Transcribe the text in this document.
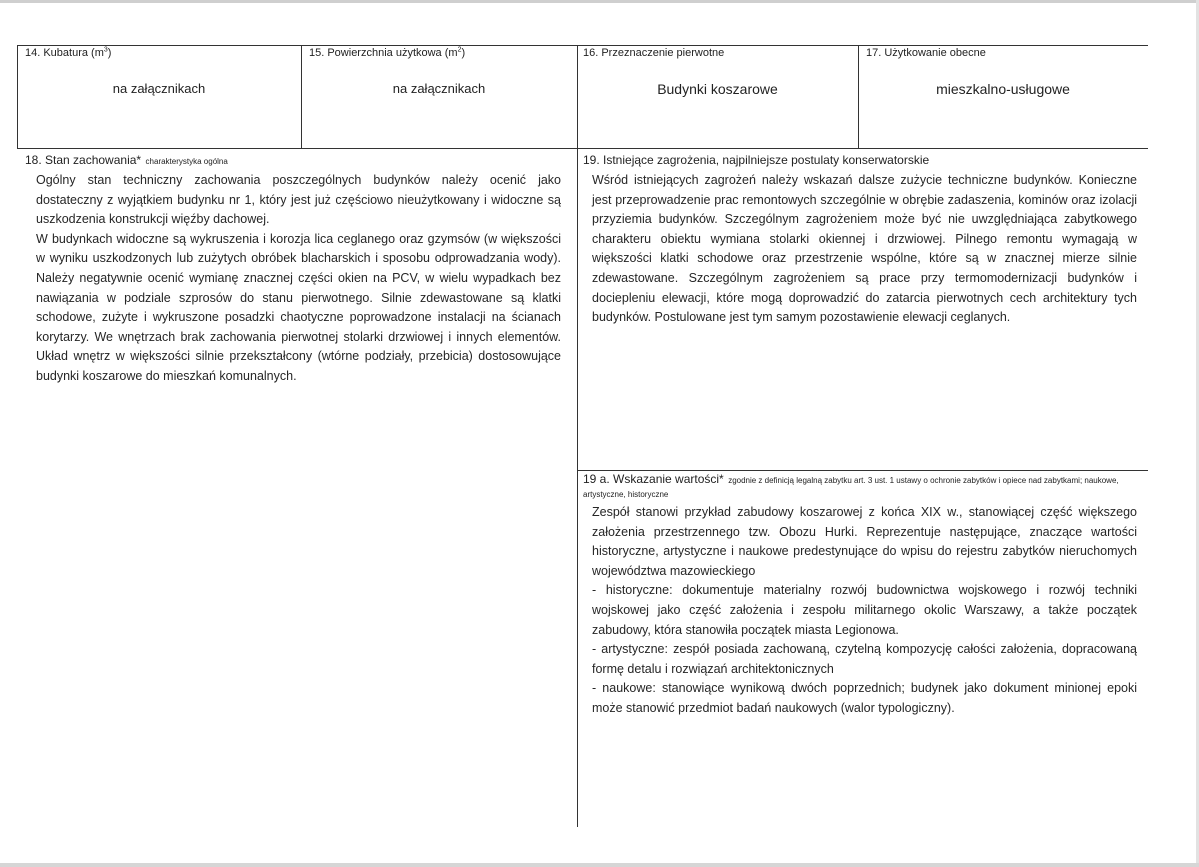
14. Kubatura $(m^3)$
na załącznikach
15. Powierzchnia użytkowa $(m^2)$
na załącznikach
16. Przeznaczenie pierwotne
Budynki koszarowe
17. Użytkowanie obecne
mieszkalno-usługowe
18. Stan zachowania* charakterystyka ogólna

Ogólny stan techniczny zachowania poszczególnych budynków należy ocenić jako dostateczny z wyjątkiem budynku nr 1, który jest już częściowo nieużytkowany i widoczne są uszkodzenia konstrukcji więźby dachowej.

W budynkach widoczne są wykruszenia i korozja lica ceglanego oraz gzymsów (w większości w wyniku uszkodzonych lub zużytych obróbek blacharskich i sposobu odprowadzania wody). Należy negatywnie ocenić wymianę znacznej części okien na PCV, w wielu wypadkach bez nawiązania w podziale szprosów do stanu pierwotnego. Silnie zdewastowane są klatki schodowe, zużyte i wykruszone posadzki chaotyczne poprowadzone instalacji na ścianach korytarzy. We wnętrzach brak zachowania pierwotnej stolarki drzwiowej i innych elementów. Układ wnętrz w większości silnie przekształcony (wtórne podziały, przebicia) dostosowujące budynki koszarowe do mieszkań komunalnych.

19. Istniejące zagrożenia, najpilniejsze postulaty konserwatorskie

Wśród istniejących zagrożeń należy wskazań dalsze zużycie techniczne budynków. Konieczne jest przeprowadzenie prac remontowych szczególnie w obrębie zadaszenia, kominów oraz izolacji przyziemia budynków. Szczególnym zagrożeniem może być nie uwzględniająca zabytkowego charakteru obiektu wymiana stolarki okiennej i drzwiowej. Pilnego remontu wymagają w większości klatki schodowe oraz przestrzenie wspólne, które są w znacznej mierze silnie zdewastowane. Szczególnym zagrożeniem są prace przy termomodernizacji budynków i dociepleniu elewacji, które mogą doprowadzić do zatarcia pierwotnych cech architektury tych budynków. Postulowane jest tym samym pozostawienie elewacji ceglanych.

19 a. Wskazanie wartości* zgodnie z definicją legalną zabytku art. 3 ust. 1 ustawy o ochronie zabytków i opiece nad zabytkami; naukowe, artystyczne, historyczne

Zespół stanowi przykład zabudowy koszarowej z końca XIX w., stanowiącej część większego założenia przestrzennego tzw. Obozu Hurki. Reprezentuje następujące, znaczące wartości historyczne, artystyczne i naukowe predestynujące do wpisu do rejestru zabytków nieruchomych województwa mazowieckiego

- historyczne: dokumentuje materialny rozwój budownictwa wojskowego i rozwój techniki wojskowej jako część założenia i zespołu militarnego okolic Warszawy, a także początek zabudowy, która stanowiła początek miasta Legionowa.

- artystyczne: zespół posiada zachowaną, czytelną kompozycję całości założenia, dopracowaną formę detalu i rozwiązań architektonicznych

- naukowe: stanowiące wynikową dwóch poprzednich; budynek jako dokument minionej epoki może stanowić przedmiot badań naukowych (walor typologiczny).
